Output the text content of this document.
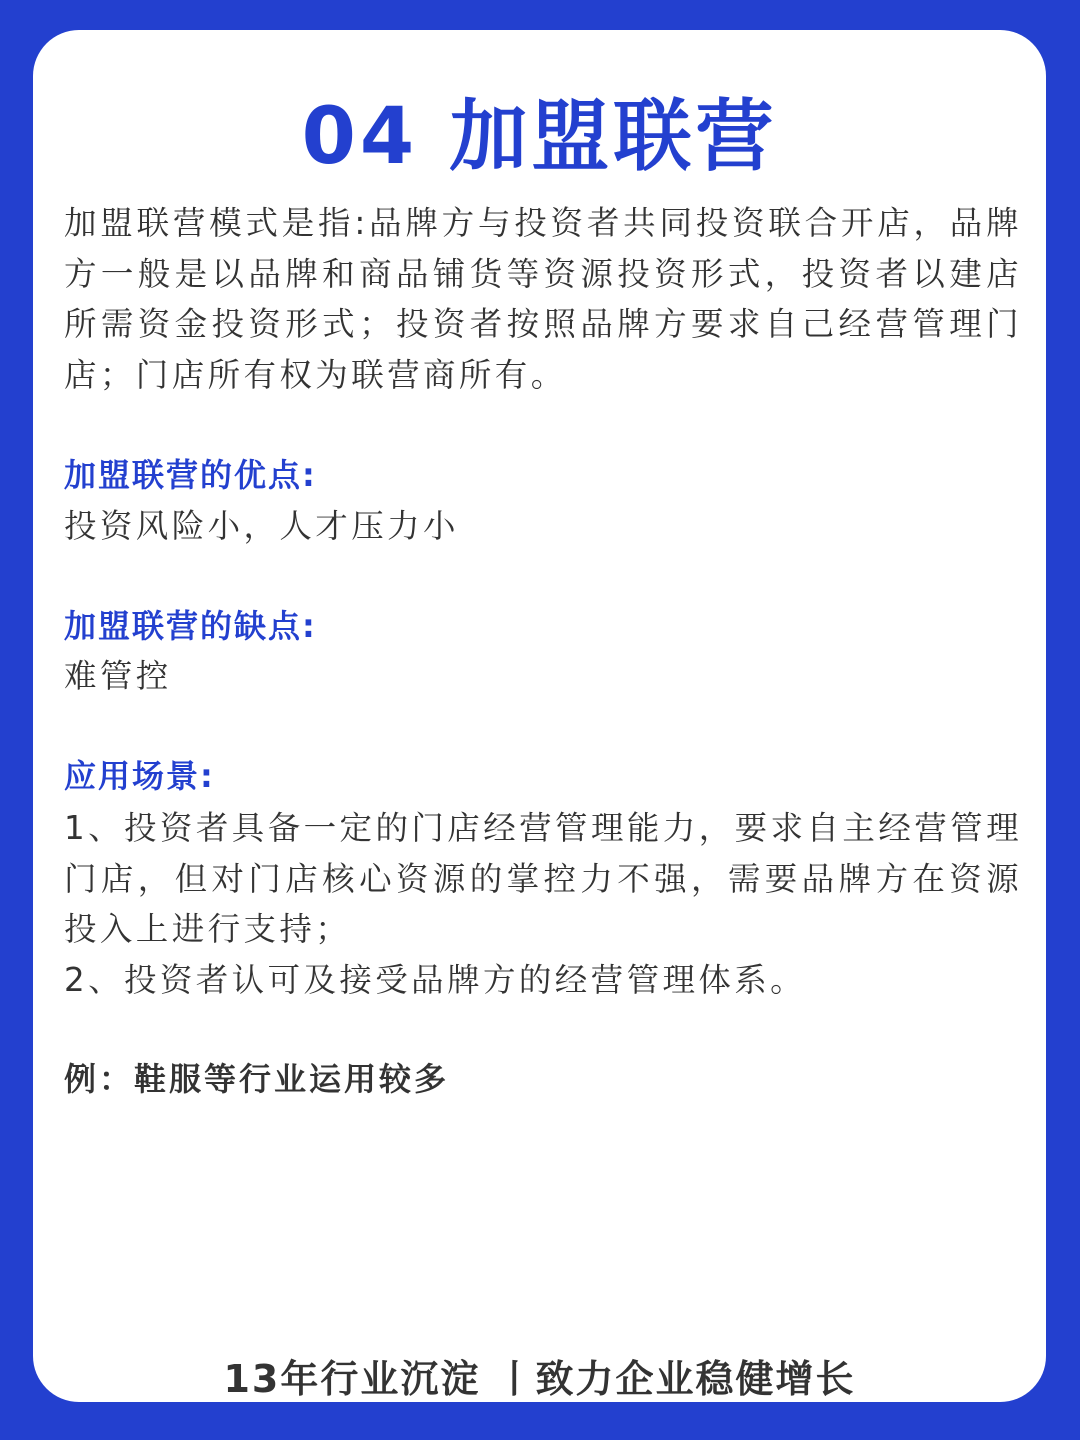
04 加盟联营

加盟联营模式是指:品牌方与投资者共同投资联合开店，品牌方一般是以品牌和商品铺货等资源投资形式，投资者以建店所需资金投资形式；投资者按照品牌方要求自己经营管理门店；门店所有权为联营商所有。

加盟联营的优点:

投资风险小，人才压力小

加盟联营的缺点:

难管控

应用场景:
1、投资者具备一定的门店经营管理能力，要求自主经营管理门店，但对门店核心资源的掌控力不强，需要品牌方在资源投入上进行支持；
2、投资者认可及接受品牌方的经营管理体系。

例：鞋服等行业运用较多

13年行业沉淀 丨致力企业稳健增长
